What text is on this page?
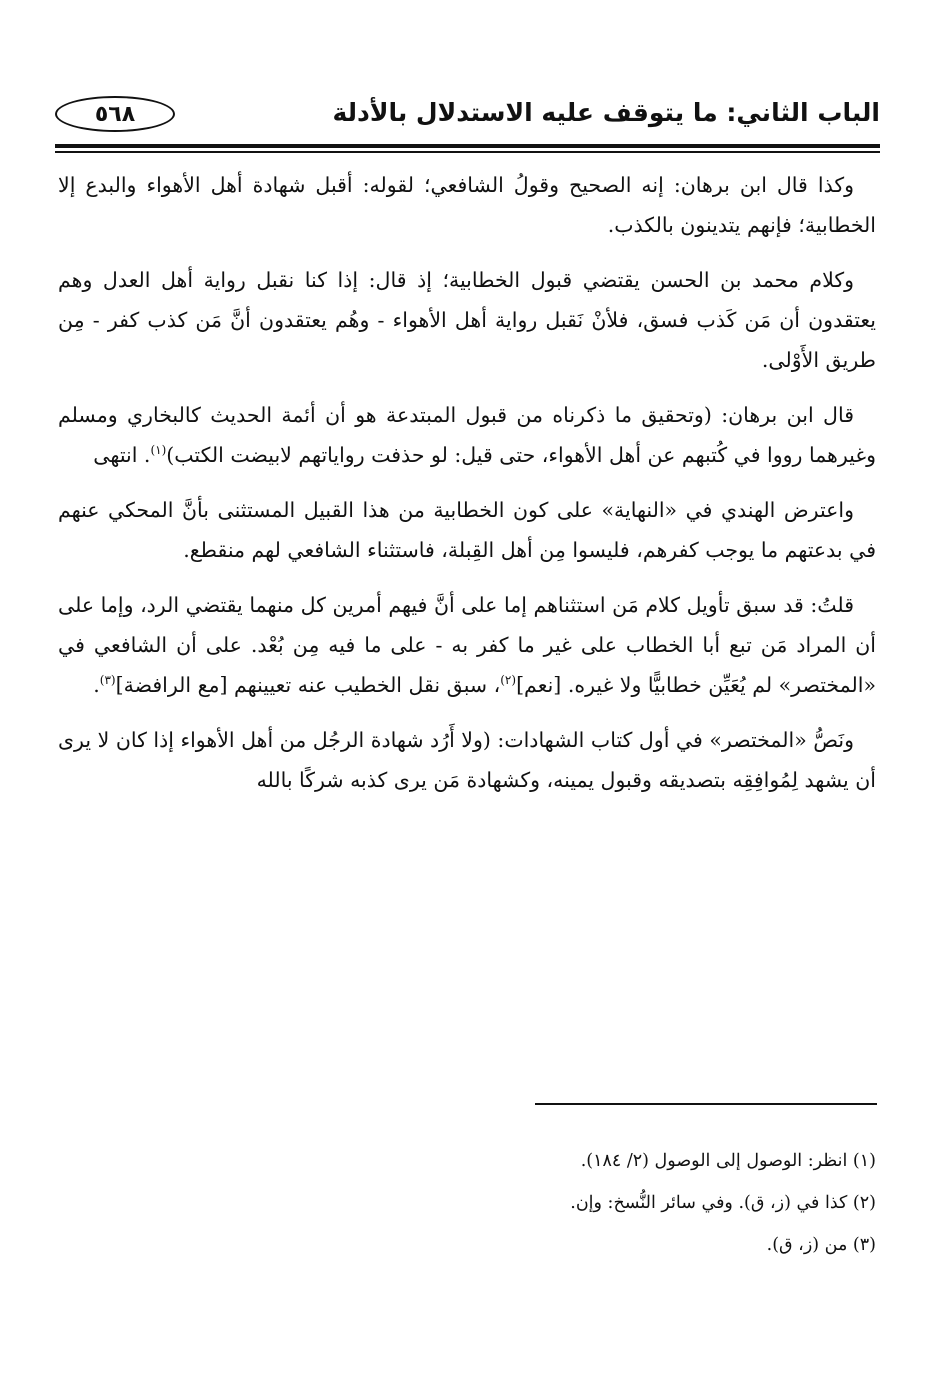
الباب الثاني: ما يتوقف عليه الاستدلال بالأدلة
٥٦٨

وكذا قال ابن برهان: إنه الصحيح وقولُ الشافعي؛ لقوله: أقبل شهادة أهل الأهواء والبدع إلا الخطابية؛ فإنهم يتدينون بالكذب.

وكلام محمد بن الحسن يقتضي قبول الخطابية؛ إذ قال: إذا كنا نقبل رواية أهل العدل وهم يعتقدون أن مَن كَذب فسق، فلأنْ نَقبل رواية أهل الأهواء - وهُم يعتقدون أنَّ مَن كذب كفر - مِن طريق الأَوْلى.

قال ابن برهان: (وتحقيق ما ذكرناه من قبول المبتدعة هو أن أئمة الحديث كالبخاري ومسلم وغيرهما رووا في كُتبهم عن أهل الأهواء، حتى قيل: لو حذفت رواياتهم لابيضت الكتب)$^{(١)}$. انتهى

واعترض الهندي في «النهاية» على كون الخطابية من هذا القبيل المستثنى بأنَّ المحكي عنهم في بدعتهم ما يوجب كفرهم، فليسوا مِن أهل القِبلة، فاستثناء الشافعي لهم منقطع.

قلتُ: قد سبق تأويل كلام مَن استثناهم إما على أنَّ فيهم أمرين كل منهما يقتضي الرد، وإما على أن المراد مَن تبع أبا الخطاب على غير ما كفر به - على ما فيه مِن بُعْد. على أن الشافعي في «المختصر» لم يُعَيِّن خطابيًّا ولا غيره. [نعم]$^{(٢)}$، سبق نقل الخطيب عنه تعيينهم [مع الرافضة]$^{(٣)}$.

ونَصُّ «المختصر» في أول كتاب الشهادات: (ولا أَرُد شهادة الرجُل من أهل الأهواء إذا كان لا يرى أن يشهد لِمُوافِقِه بتصديقه وقبول يمينه، وكشهادة مَن يرى كذبه شركًا بالله

(١) انظر: الوصول إلى الوصول (٢/ ١٨٤).

(٢) كذا في (ز، ق). وفي سائر النُّسخ: وإن.

(٣) من (ز، ق).
